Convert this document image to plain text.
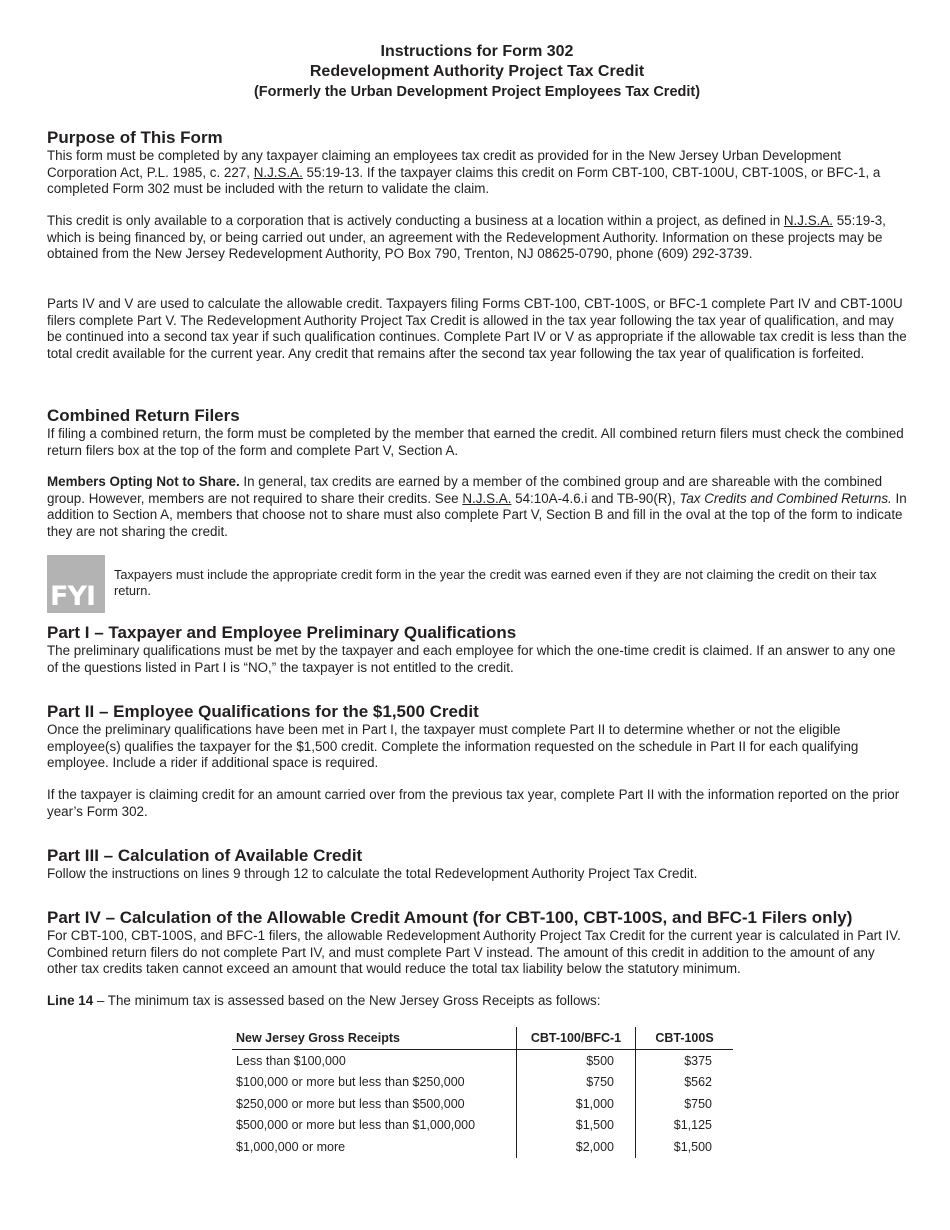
Instructions for Form 302
Redevelopment Authority Project Tax Credit
(Formerly the Urban Development Project Employees Tax Credit)
Purpose of This Form

This form must be completed by any taxpayer claiming an employees tax credit as provided for in the New Jersey Urban Development Corporation Act, P.L. 1985, c. 227, N.J.S.A. 55:19-13. If the taxpayer claims this credit on Form CBT-100, CBT-100U, CBT-100S, or BFC-1, a completed Form 302 must be included with the return to validate the claim.

This credit is only available to a corporation that is actively conducting a business at a location within a project, as defined in N.J.S.A. 55:19-3, which is being financed by, or being carried out under, an agreement with the Redevelopment Authority. Information on these projects may be obtained from the New Jersey Redevelopment Authority, PO Box 790, Trenton, NJ 08625-0790, phone (609) 292-3739.

Parts IV and V are used to calculate the allowable credit. Taxpayers filing Forms CBT-100, CBT-100S, or BFC-1 complete Part IV and CBT-100U filers complete Part V. The Redevelopment Authority Project Tax Credit is allowed in the tax year following the tax year of qualification, and may be continued into a second tax year if such qualification continues. Complete Part IV or V as appropriate if the allowable tax credit is less than the total credit available for the current year. Any credit that remains after the second tax year following the tax year of qualification is forfeited.

Combined Return Filers

If filing a combined return, the form must be completed by the member that earned the credit. All combined return filers must check the combined return filers box at the top of the form and complete Part V, Section A.

Members Opting Not to Share. In general, tax credits are earned by a member of the combined group and are shareable with the combined group. However, members are not required to share their credits. See N.J.S.A. 54:10A-4.6.i and TB-90(R), Tax Credits and Combined Returns. In addition to Section A, members that choose not to share must also complete Part V, Section B and fill in the oval at the top of the form to indicate they are not sharing the credit.

FYI

Taxpayers must include the appropriate credit form in the year the credit was earned even if they are not claiming the credit on their tax return.

Part I – Taxpayer and Employee Preliminary Qualifications

The preliminary qualifications must be met by the taxpayer and each employee for which the one-time credit is claimed. If an answer to any one of the questions listed in Part I is “NO,” the taxpayer is not entitled to the credit.

Part II – Employee Qualifications for the $1,500 Credit

Once the preliminary qualifications have been met in Part I, the taxpayer must complete Part II to determine whether or not the eligible employee(s) qualifies the taxpayer for the $1,500 credit. Complete the information requested on the schedule in Part II for each qualifying employee. Include a rider if additional space is required.

If the taxpayer is claiming credit for an amount carried over from the previous tax year, complete Part II with the information reported on the prior year’s Form 302.

Part III – Calculation of Available Credit

Follow the instructions on lines 9 through 12 to calculate the total Redevelopment Authority Project Tax Credit.

Part IV – Calculation of the Allowable Credit Amount (for CBT-100, CBT-100S, and BFC-1 Filers only)

For CBT-100, CBT-100S, and BFC-1 filers, the allowable Redevelopment Authority Project Tax Credit for the current year is calculated in Part IV. Combined return filers do not complete Part IV, and must complete Part V instead. The amount of this credit in addition to the amount of any other tax credits taken cannot exceed an amount that would reduce the total tax liability below the statutory minimum.

Line 14 – The minimum tax is assessed based on the New Jersey Gross Receipts as follows:

New Jersey Gross Receipts	CBT-100/BFC-1	CBT-100S
Less than $100,000	$500	$375
$100,000 or more but less than $250,000	$750	$562
$250,000 or more but less than $500,000	$1,000	$750
$500,000 or more but less than $1,000,000	$1,500	$1,125
$1,000,000 or more	$2,000	$1,500
